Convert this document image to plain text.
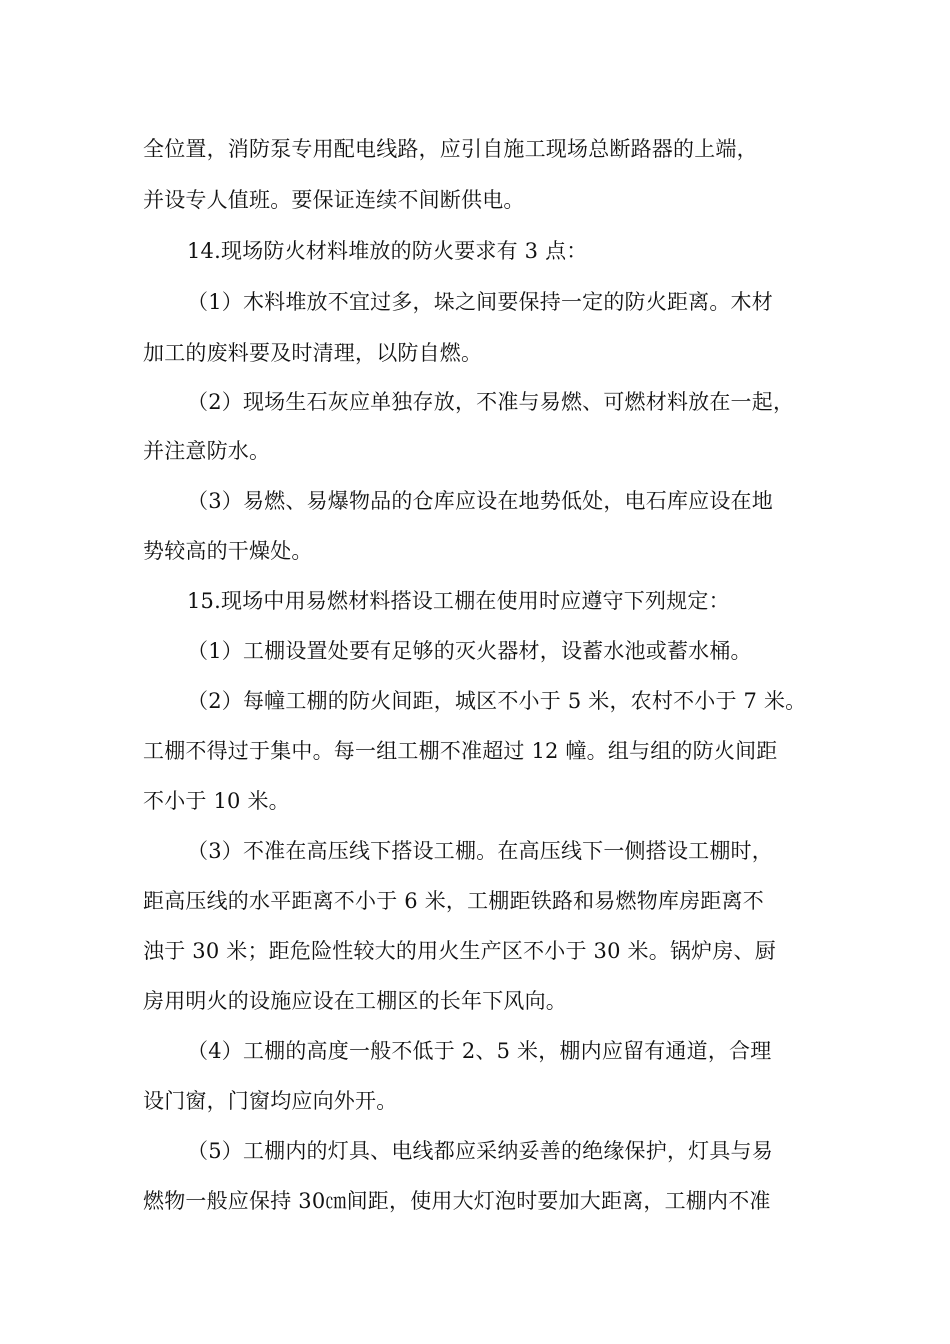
全位置，消防泵专用配电线路，应引自施工现场总断路器的上端，
并设专人值班。要保证连续不间断供电。
14.现场防火材料堆放的防火要求有 3 点：
（1）木料堆放不宜过多，垛之间要保持一定的防火距离。木材
加工的废料要及时清理，以防自燃。
（2）现场生石灰应单独存放，不准与易燃、可燃材料放在一起，
并注意防水。
（3）易燃、易爆物品的仓库应设在地势低处，电石库应设在地
势较高的干燥处。
15.现场中用易燃材料搭设工棚在使用时应遵守下列规定：
（1）工棚设置处要有足够的灭火器材，设蓄水池或蓄水桶。
（2）每幢工棚的防火间距，城区不小于 5 米，农村不小于 7 米。
工棚不得过于集中。每一组工棚不准超过 12 幢。组与组的防火间距
不小于 10 米。
（3）不准在高压线下搭设工棚。在高压线下一侧搭设工棚时，
距高压线的水平距离不小于 6 米，工棚距铁路和易燃物库房距离不
浊于 30 米；距危险性较大的用火生产区不小于 30 米。锅炉房、厨
房用明火的设施应设在工棚区的长年下风向。
（4）工棚的高度一般不低于 2、5 米，棚内应留有通道，合理
设门窗，门窗均应向外开。
（5）工棚内的灯具、电线都应采纳妥善的绝缘保护，灯具与易
燃物一般应保持 30㎝间距，使用大灯泡时要加大距离，工棚内不准
